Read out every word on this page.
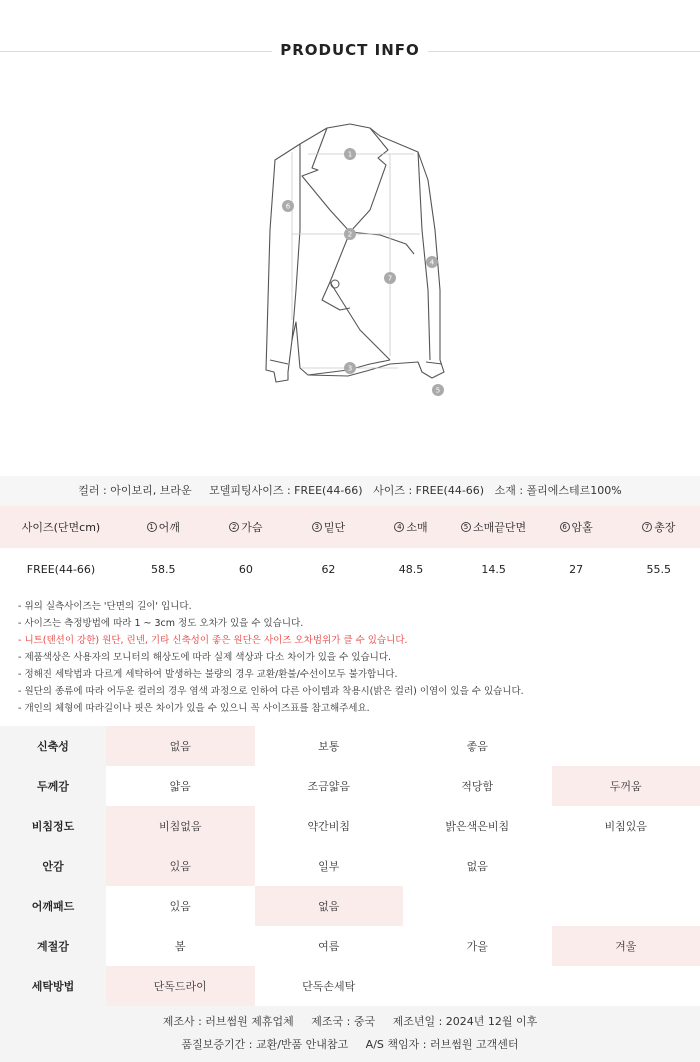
PRODUCT INFO
1
2
3
4
5
6
7
컬러 : 아이보리, 브라운 모델피팅사이즈 : FREE(44-66) 사이즈 : FREE(44-66) 소재 : 폴리에스테르100%
사이즈(단면cm)	1 어깨	2 가슴	3 밑단	4 소매	5 소매끝단면	6 암홀	7 총장
FREE(44-66)	58.5	60	62	48.5	14.5	27	55.5
- 위의 실측사이즈는 '단면의 길이' 입니다.
- 사이즈는 측정방법에 따라 1 ~ 3cm 정도 오차가 있을 수 있습니다.
- 니트(텐션이 강한) 원단, 린넨, 기타 신축성이 좋은 원단은 사이즈 오차범위가 클 수 있습니다.
- 제품색상은 사용자의 모니터의 해상도에 따라 실제 색상과 다소 차이가 있을 수 있습니다.
- 정해진 세탁법과 다르게 세탁하여 발생하는 불량의 경우 교환/환불/수선이모두 불가합니다.
- 원단의 종류에 따라 어두운 컬러의 경우 염색 과정으로 인하여 다른 아이템과 착용시(밝은 컬러) 이염이 있을 수 있습니다.
- 개인의 체형에 따라길이나 핏은 차이가 있을 수 있으니 꼭 사이즈표를 참고해주세요.
신축성	없음	보통	좋음
두께감	얇음	조금얇음	적당함	두꺼움
비침정도	비침없음	약간비침	밝은색은비침	비침있음
안감	있음	일부	없음
어깨패드	있음	없음
계절감	봄	여름	가을	겨울
세탁방법	단독드라이	단독손세탁
제조사 : 러브썸원 제휴업체     제조국 : 중국     제조년일 : 2024년 12월 이후
품질보증기간 : 교환/반품 안내참고     A/S 책임자 : 러브썸원 고객센터
